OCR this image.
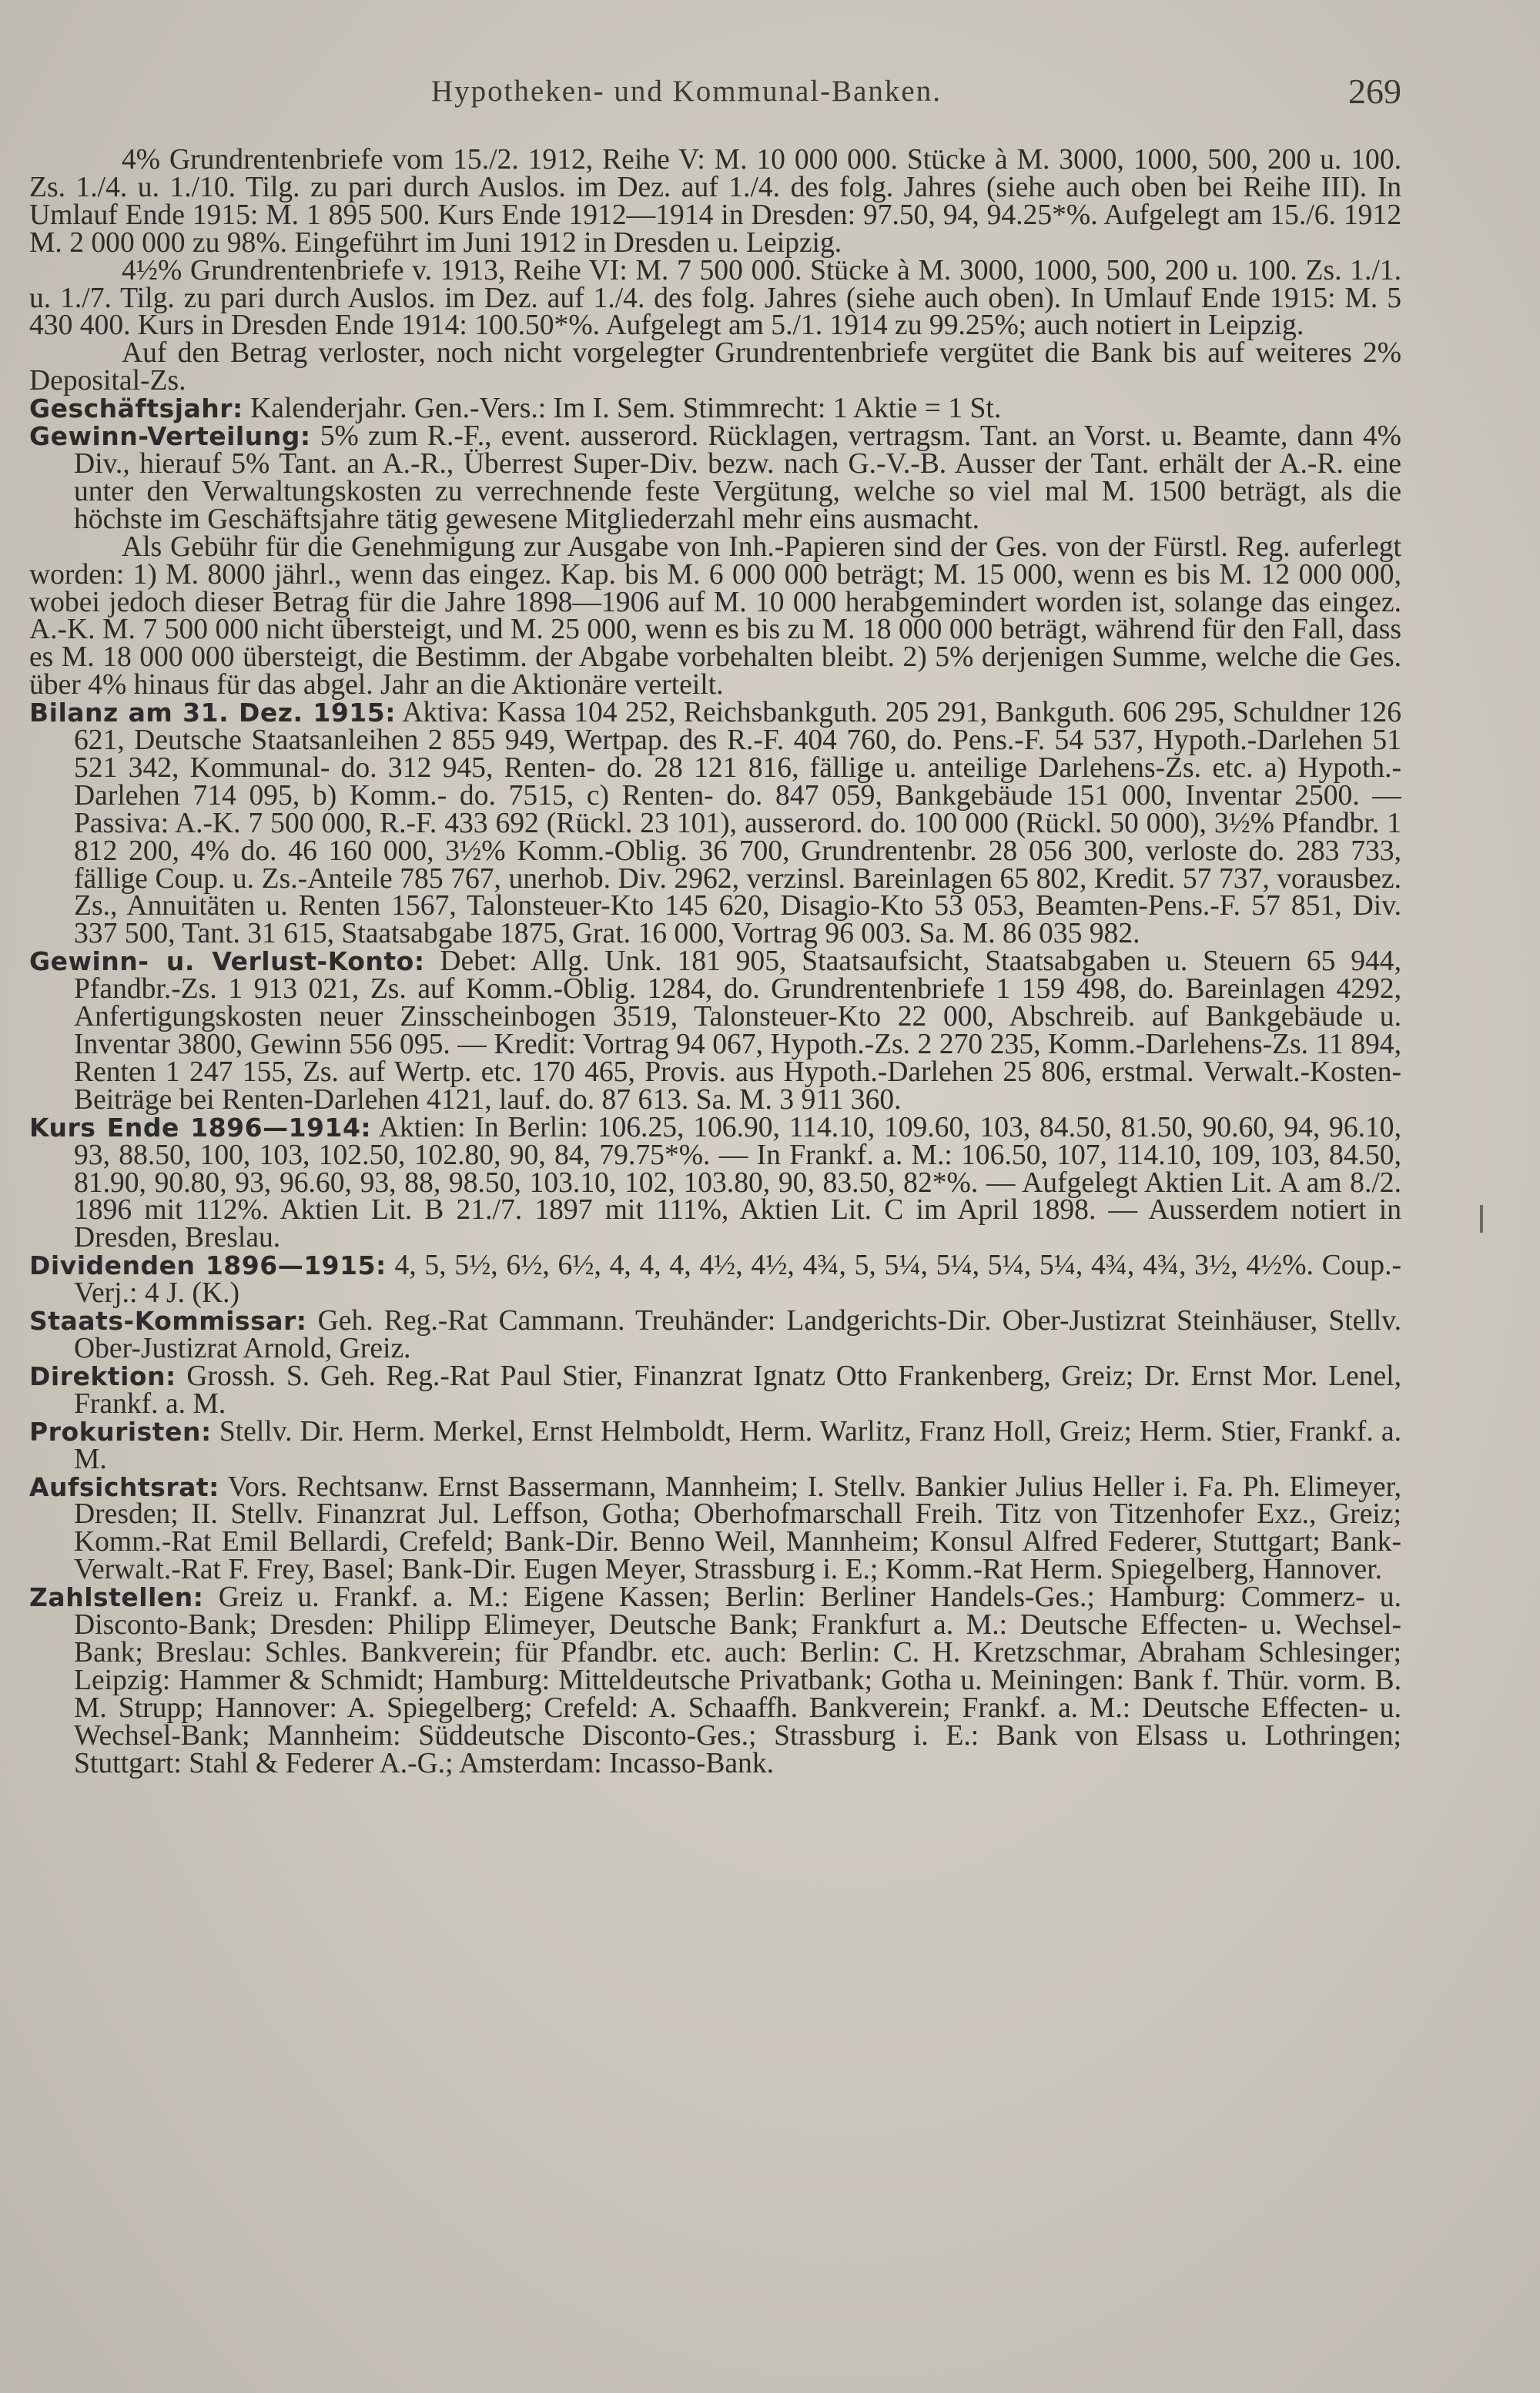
Hypotheken- und Kommunal-Banken.	269

4% Grundrentenbriefe vom 15./2. 1912, Reihe V: M. 10 000 000. Stücke à M. 3000, 1000, 500, 200 u. 100. Zs. 1./4. u. 1./10. Tilg. zu pari durch Auslos. im Dez. auf 1./4. des folg. Jahres (siehe auch oben bei Reihe III). In Umlauf Ende 1915: M. 1 895 500. Kurs Ende 1912—1914 in Dresden: 97.50, 94, 94.25*%. Aufgelegt am 15./6. 1912 M. 2 000 000 zu 98%. Eingeführt im Juni 1912 in Dresden u. Leipzig.

4½% Grundrentenbriefe v. 1913, Reihe VI: M. 7 500 000. Stücke à M. 3000, 1000, 500, 200 u. 100. Zs. 1./1. u. 1./7. Tilg. zu pari durch Auslos. im Dez. auf 1./4. des folg. Jahres (siehe auch oben). In Umlauf Ende 1915: M. 5 430 400. Kurs in Dresden Ende 1914: 100.50*%. Aufgelegt am 5./1. 1914 zu 99.25%; auch notiert in Leipzig.

Auf den Betrag verloster, noch nicht vorgelegter Grundrentenbriefe vergütet die Bank bis auf weiteres 2% Deposital-Zs.

Geschäftsjahr: Kalenderjahr. Gen.-Vers.: Im I. Sem. Stimmrecht: 1 Aktie = 1 St.

Gewinn-Verteilung: 5% zum R.-F., event. ausserord. Rücklagen, vertragsm. Tant. an Vorst. u. Beamte, dann 4% Div., hierauf 5% Tant. an A.-R., Überrest Super-Div. bezw. nach G.-V.-B. Ausser der Tant. erhält der A.-R. eine unter den Verwaltungskosten zu verrechnende feste Vergütung, welche so viel mal M. 1500 beträgt, als die höchste im Geschäftsjahre tätig gewesene Mitgliederzahl mehr eins ausmacht.

Als Gebühr für die Genehmigung zur Ausgabe von Inh.-Papieren sind der Ges. von der Fürstl. Reg. auferlegt worden: 1) M. 8000 jährl., wenn das eingez. Kap. bis M. 6 000 000 beträgt; M. 15 000, wenn es bis M. 12 000 000, wobei jedoch dieser Betrag für die Jahre 1898—1906 auf M. 10 000 herabgemindert worden ist, solange das eingez. A.-K. M. 7 500 000 nicht übersteigt, und M. 25 000, wenn es bis zu M. 18 000 000 beträgt, während für den Fall, dass es M. 18 000 000 übersteigt, die Bestimm. der Abgabe vorbehalten bleibt. 2) 5% derjenigen Summe, welche die Ges. über 4% hinaus für das abgel. Jahr an die Aktionäre verteilt.

Bilanz am 31. Dez. 1915: Aktiva: Kassa 104 252, Reichsbankguth. 205 291, Bankguth. 606 295, Schuldner 126 621, Deutsche Staatsanleihen 2 855 949, Wertpap. des R.-F. 404 760, do. Pens.-F. 54 537, Hypoth.-Darlehen 51 521 342, Kommunal- do. 312 945, Renten- do. 28 121 816, fällige u. anteilige Darlehens-Zs. etc. a) Hypoth.-Darlehen 714 095, b) Komm.- do. 7515, c) Renten- do. 847 059, Bankgebäude 151 000, Inventar 2500. — Passiva: A.-K. 7 500 000, R.-F. 433 692 (Rückl. 23 101), ausserord. do. 100 000 (Rückl. 50 000), 3½% Pfandbr. 1 812 200, 4% do. 46 160 000, 3½% Komm.-Oblig. 36 700, Grundrentenbr. 28 056 300, verloste do. 283 733, fällige Coup. u. Zs.-Anteile 785 767, unerhob. Div. 2962, verzinsl. Bareinlagen 65 802, Kredit. 57 737, vorausbez. Zs., Annuitäten u. Renten 1567, Talonsteuer-Kto 145 620, Disagio-Kto 53 053, Beamten-Pens.-F. 57 851, Div. 337 500, Tant. 31 615, Staatsabgabe 1875, Grat. 16 000, Vortrag 96 003. Sa. M. 86 035 982.

Gewinn- u. Verlust-Konto: Debet: Allg. Unk. 181 905, Staatsaufsicht, Staatsabgaben u. Steuern 65 944, Pfandbr.-Zs. 1 913 021, Zs. auf Komm.-Oblig. 1284, do. Grundrentenbriefe 1 159 498, do. Bareinlagen 4292, Anfertigungskosten neuer Zinsscheinbogen 3519, Talonsteuer-Kto 22 000, Abschreib. auf Bankgebäude u. Inventar 3800, Gewinn 556 095. — Kredit: Vortrag 94 067, Hypoth.-Zs. 2 270 235, Komm.-Darlehens-Zs. 11 894, Renten 1 247 155, Zs. auf Wertp. etc. 170 465, Provis. aus Hypoth.-Darlehen 25 806, erstmal. Verwalt.-Kosten-Beiträge bei Renten-Darlehen 4121, lauf. do. 87 613. Sa. M. 3 911 360.

Kurs Ende 1896—1914: Aktien: In Berlin: 106.25, 106.90, 114.10, 109.60, 103, 84.50, 81.50, 90.60, 94, 96.10, 93, 88.50, 100, 103, 102.50, 102.80, 90, 84, 79.75*%. — In Frankf. a. M.: 106.50, 107, 114.10, 109, 103, 84.50, 81.90, 90.80, 93, 96.60, 93, 88, 98.50, 103.10, 102, 103.80, 90, 83.50, 82*%. — Aufgelegt Aktien Lit. A am 8./2. 1896 mit 112%. Aktien Lit. B 21./7. 1897 mit 111%, Aktien Lit. C im April 1898. — Ausserdem notiert in Dresden, Breslau.

Dividenden 1896—1915: 4, 5, 5½, 6½, 6½, 4, 4, 4, 4½, 4½, 4¾, 5, 5¼, 5¼, 5¼, 5¼, 4¾, 4¾, 3½, 4½%. Coup.-Verj.: 4 J. (K.)

Staats-Kommissar: Geh. Reg.-Rat Cammann. Treuhänder: Landgerichts-Dir. Ober-Justizrat Steinhäuser, Stellv. Ober-Justizrat Arnold, Greiz.

Direktion: Grossh. S. Geh. Reg.-Rat Paul Stier, Finanzrat Ignatz Otto Frankenberg, Greiz; Dr. Ernst Mor. Lenel, Frankf. a. M.

Prokuristen: Stellv. Dir. Herm. Merkel, Ernst Helmboldt, Herm. Warlitz, Franz Holl, Greiz; Herm. Stier, Frankf. a. M.

Aufsichtsrat: Vors. Rechtsanw. Ernst Bassermann, Mannheim; I. Stellv. Bankier Julius Heller i. Fa. Ph. Elimeyer, Dresden; II. Stellv. Finanzrat Jul. Leffson, Gotha; Oberhofmarschall Freih. Titz von Titzenhofer Exz., Greiz; Komm.-Rat Emil Bellardi, Crefeld; Bank-Dir. Benno Weil, Mannheim; Konsul Alfred Federer, Stuttgart; Bank-Verwalt.-Rat F. Frey, Basel; Bank-Dir. Eugen Meyer, Strassburg i. E.; Komm.-Rat Herm. Spiegelberg, Hannover.

Zahlstellen: Greiz u. Frankf. a. M.: Eigene Kassen; Berlin: Berliner Handels-Ges.; Hamburg: Commerz- u. Disconto-Bank; Dresden: Philipp Elimeyer, Deutsche Bank; Frankfurt a. M.: Deutsche Effecten- u. Wechsel-Bank; Breslau: Schles. Bankverein; für Pfandbr. etc. auch: Berlin: C. H. Kretzschmar, Abraham Schlesinger; Leipzig: Hammer & Schmidt; Hamburg: Mitteldeutsche Privatbank; Gotha u. Meiningen: Bank f. Thür. vorm. B. M. Strupp; Hannover: A. Spiegelberg; Crefeld: A. Schaaffh. Bankverein; Frankf. a. M.: Deutsche Effecten- u. Wechsel-Bank; Mannheim: Süddeutsche Disconto-Ges.; Strassburg i. E.: Bank von Elsass u. Lothringen; Stuttgart: Stahl & Federer A.-G.; Amsterdam: Incasso-Bank.
